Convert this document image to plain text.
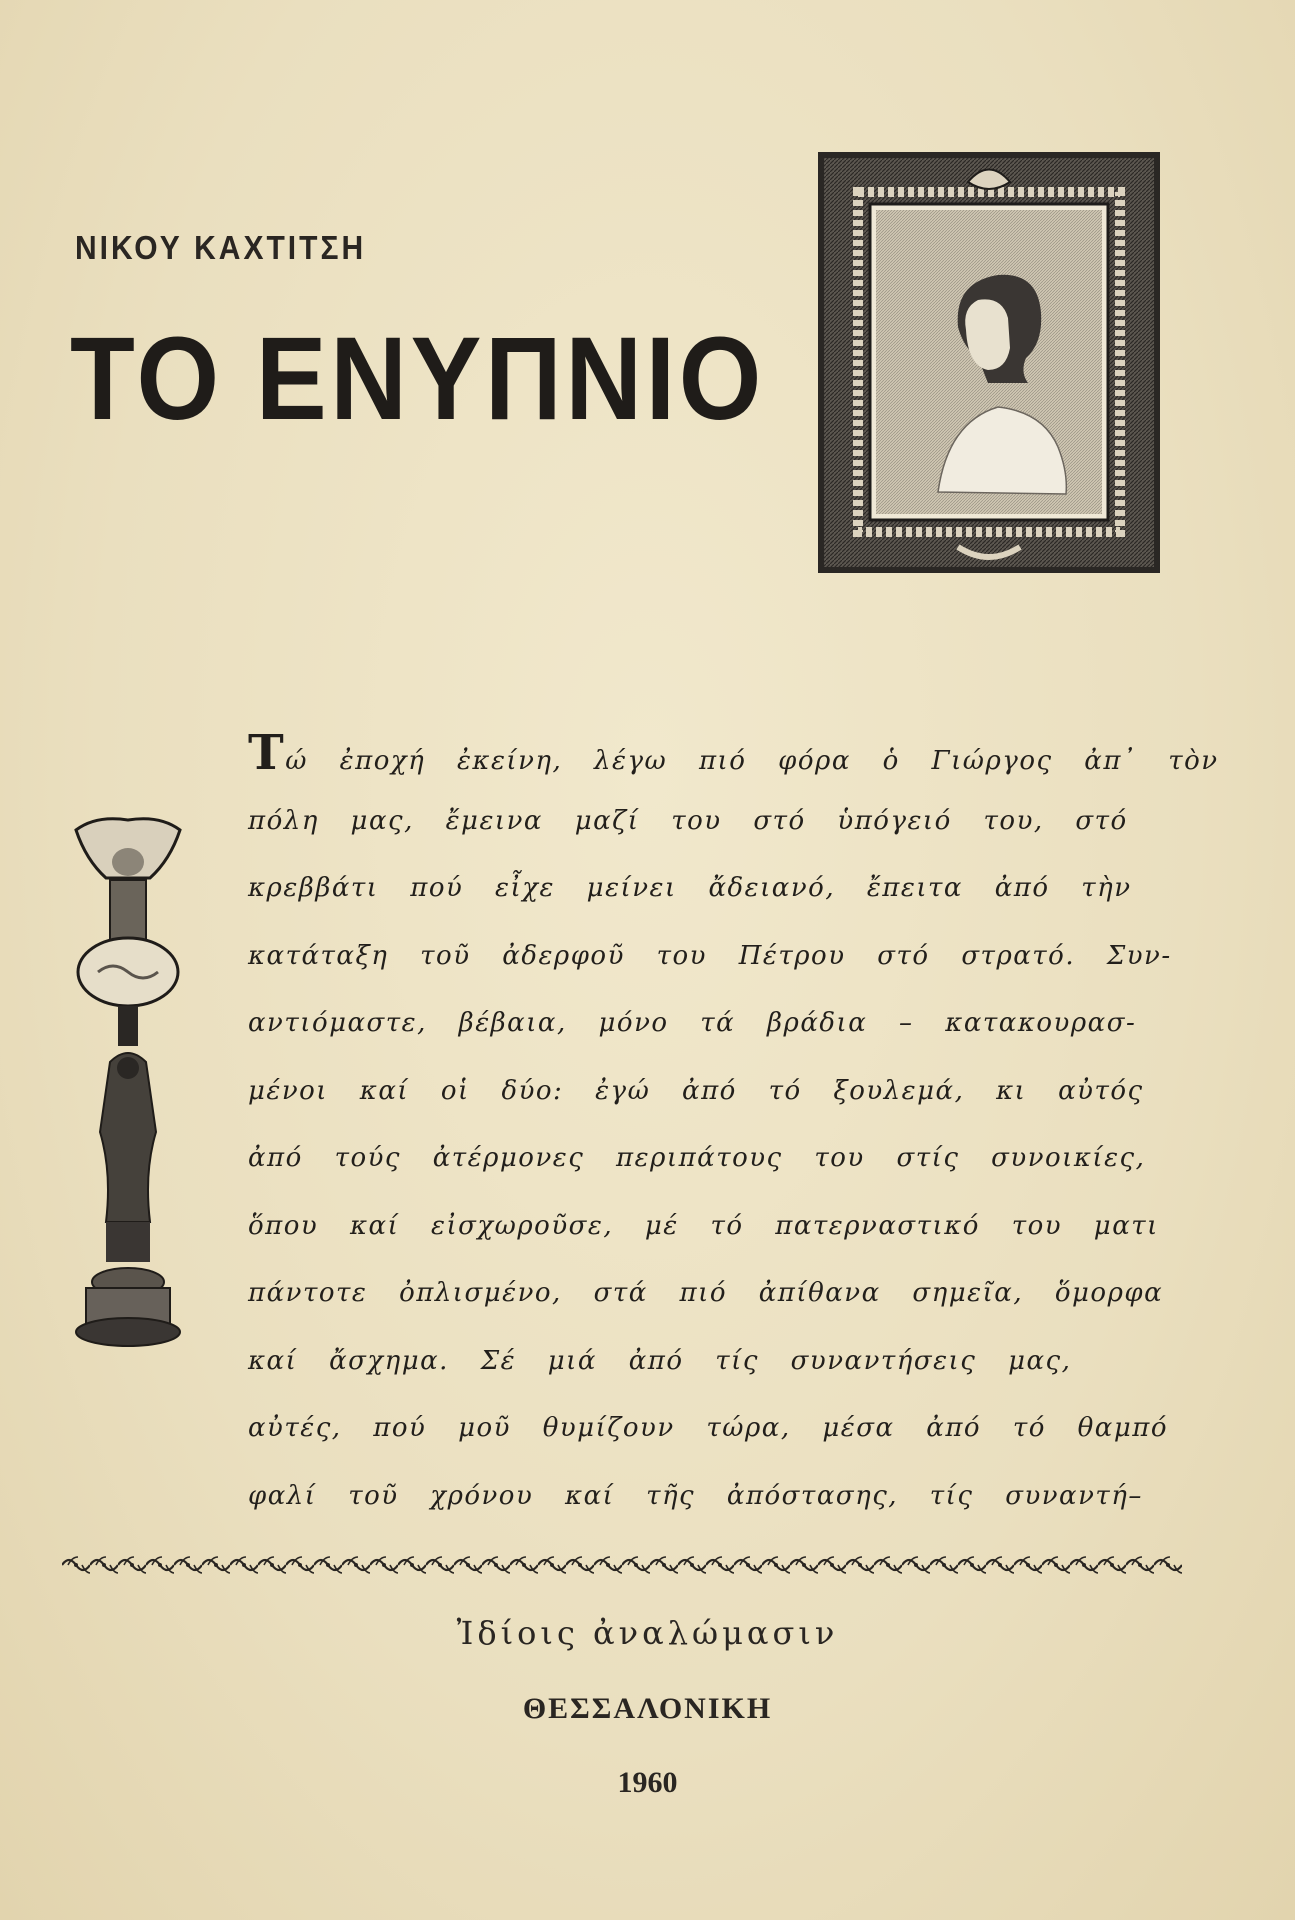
ΝΙΚΟΥ ΚΑΧΤΙΤΣΗ
ΤΟ ΕΝΥΠΝΙΟ
Τώ ἐποχή ἐκείνη, λέγω πιό φόρα ὁ Γιώργος ἀπ᾿ τὸν
πόλη μας, ἔμεινα μαζί του στό ὑπόγειό του, στό
κρεββάτι πού εἶχε μείνει ἄδειανό, ἔπειτα ἀπό τὴν
κατάταξη τοῦ ἀδερφοῦ του Πέτρου στό στρατό. Συν-
αντιόμαστε, βέβαια, μόνο τά βράδια – κατακουρασ-
μένοι καί οἱ δύο: ἐγώ ἀπό τό ξουλεμά, κι αὐτός
ἀπό τούς ἀτέρμονες περιπάτους του στίς συνοικίες,
ὅπου καί εἰσχωροῦσε, μέ τό πατερναστικό του ματι
πάντοτε ὀπλισμένο, στά πιό ἀπίθανα σημεῖα, ὅμορφα
καί ἄσχημα. Σέ μιά ἀπό τίς συναντήσεις μας,
αὐτές, πού μοῦ θυμίζουν τώρα, μέσα ἀπό τό θαμπό
φαλί τοῦ χρόνου καί τῆς ἀπόστασης, τίς συναντή–
Ἰδίοις ἀναλώμασιν
ΘΕΣΣΑΛΟΝΙΚΗ
1960
